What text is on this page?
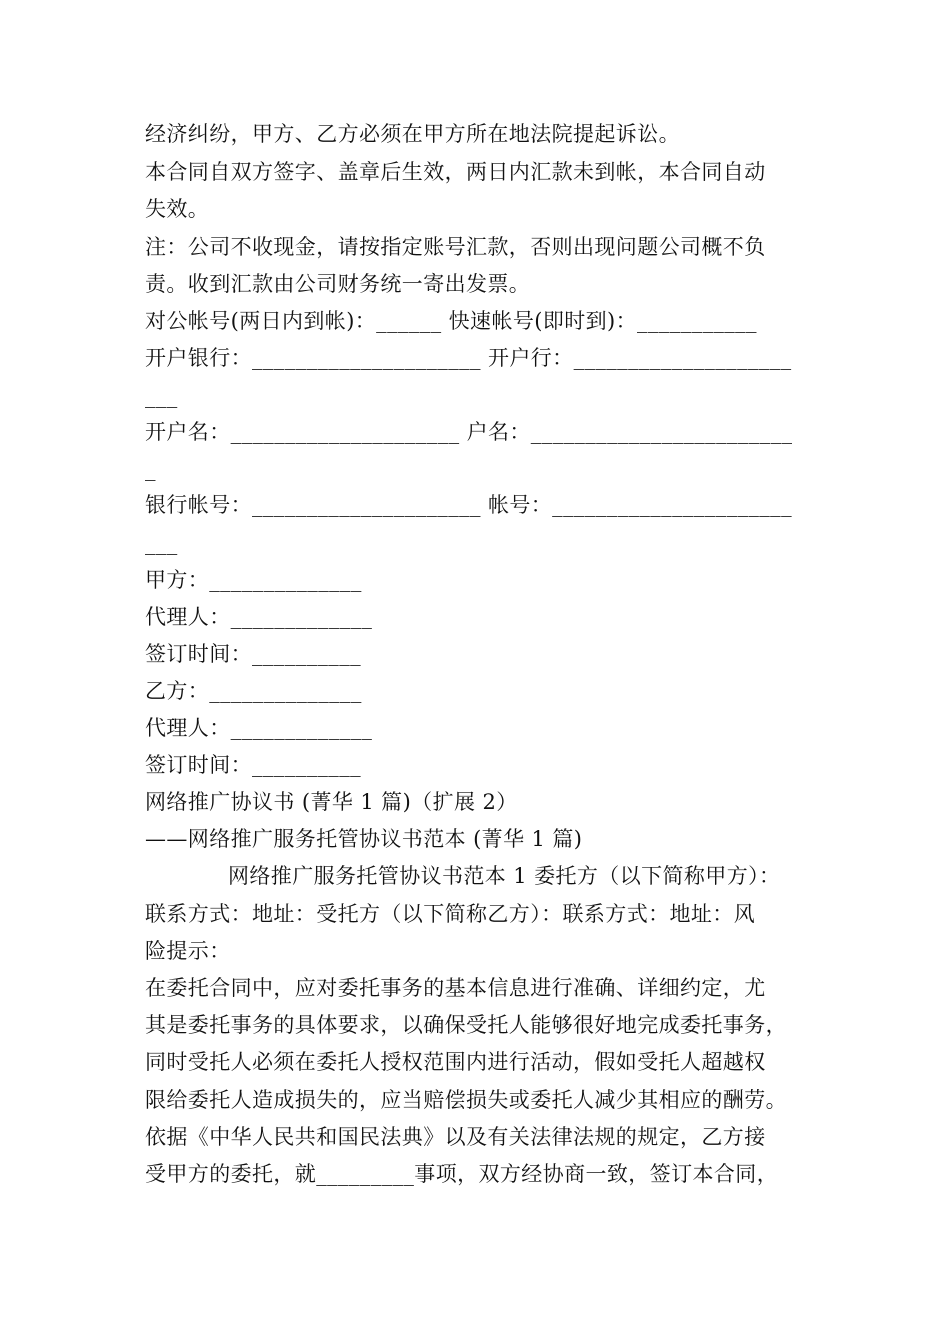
经济纠纷，甲方、乙方必须在甲方所在地法院提起诉讼。
本合同自双方签字、盖章后生效，两日内汇款未到帐，本合同自动
失效。
注：公司不收现金，请按指定账号汇款，否则出现问题公司概不负
责。收到汇款由公司财务统一寄出发票。
对公帐号(两日内到帐)：______ 快速帐号(即时到)：___________
开户银行：_____________________ 开户行：____________________
___
开户名：_____________________ 户名：________________________
_
银行帐号：_____________________ 帐号：______________________
___
甲方：______________
代理人：_____________
签订时间：__________
乙方：______________
代理人：_____________
签订时间：__________
网络推广协议书 (菁华 1 篇)（扩展 2）
——网络推广服务托管协议书范本 (菁华 1 篇)
网络推广服务托管协议书范本 1 委托方（以下简称甲方）：
联系方式：地址：受托方（以下简称乙方）：联系方式：地址：风
险提示：
在委托合同中，应对委托事务的基本信息进行准确、详细约定，尤
其是委托事务的具体要求，以确保受托人能够很好地完成委托事务，
同时受托人必须在委托人授权范围内进行活动，假如受托人超越权
限给委托人造成损失的，应当赔偿损失或委托人减少其相应的酬劳。
依据《中华人民共和国民法典》以及有关法律法规的规定，乙方接
受甲方的委托，就_________事项，双方经协商一致，签订本合同，
